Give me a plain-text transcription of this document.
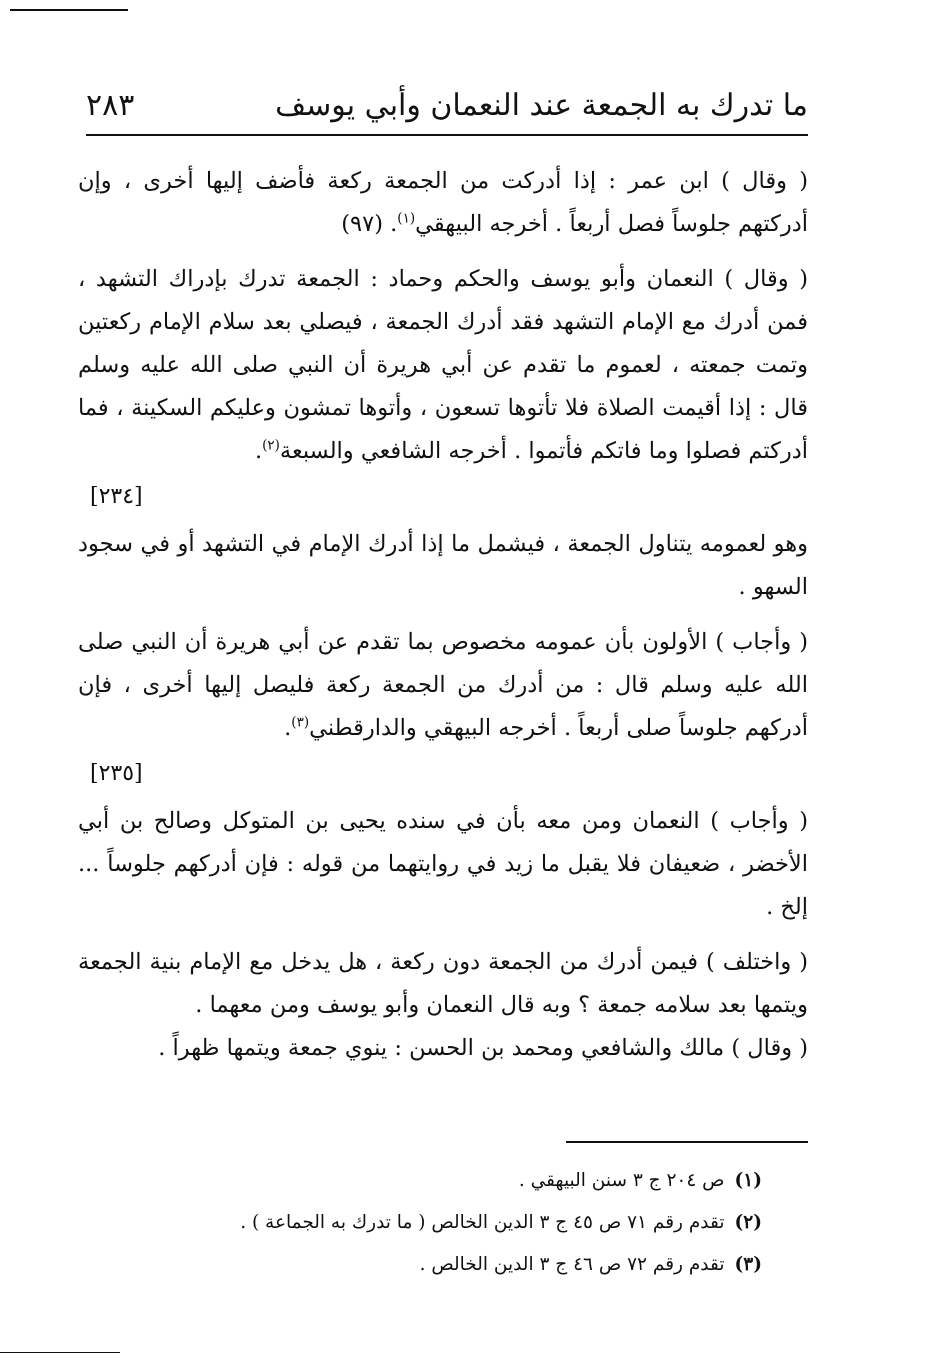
ما تدرك به الجمعة عند النعمان وأبي يوسف
٢٨٣

( وقال ) ابن عمر : إذا أدركت من الجمعة ركعة فأضف إليها أخرى ، وإن أدركتهم جلوساً فصل أربعاً . أخرجه البيهقي$^{(١)}$. (٩٧)

( وقال ) النعمان وأبو يوسف والحكم وحماد : الجمعة تدرك بإدراك التشهد ، فمن أدرك مع الإمام التشهد فقد أدرك الجمعة ، فيصلي بعد سلام الإمام ركعتين وتمت جمعته ، لعموم ما تقدم عن أبي هريرة أن النبي صلى الله عليه وسلم قال : إذا أقيمت الصلاة فلا تأتوها تسعون ، وأتوها تمشون وعليكم السكينة ، فما أدركتم فصلوا وما فاتكم فأتموا . أخرجه الشافعي والسبعة$^{(٢)}$.

[٢٣٤]

وهو لعمومه يتناول الجمعة ، فيشمل ما إذا أدرك الإمام في التشهد أو في سجود السهو .

( وأجاب ) الأولون بأن عمومه مخصوص بما تقدم عن أبي هريرة أن النبي صلى الله عليه وسلم قال : من أدرك من الجمعة ركعة فليصل إليها أخرى ، فإن أدركهم جلوساً صلى أربعاً . أخرجه البيهقي والدارقطني$^{(٣)}$.

[٢٣٥]

( وأجاب ) النعمان ومن معه بأن في سنده يحيى بن المتوكل وصالح بن أبي الأخضر ، ضعيفان فلا يقبل ما زيد في روايتهما من قوله : فإن أدركهم جلوساً ... إلخ .

( واختلف ) فيمن أدرك من الجمعة دون ركعة ، هل يدخل مع الإمام بنية الجمعة ويتمها بعد سلامه جمعة ؟ وبه قال النعمان وأبو يوسف ومن معهما .

( وقال ) مالك والشافعي ومحمد بن الحسن : ينوي جمعة ويتمها ظهراً .

(١)ص ٢٠٤ ج ٣ سنن البيهقي .
(٢)تقدم رقم ٧١ ص ٤٥ ج ٣ الدين الخالص ( ما تدرك به الجماعة ) .
(٣)تقدم رقم ٧٢ ص ٤٦ ج ٣ الدين الخالص .
